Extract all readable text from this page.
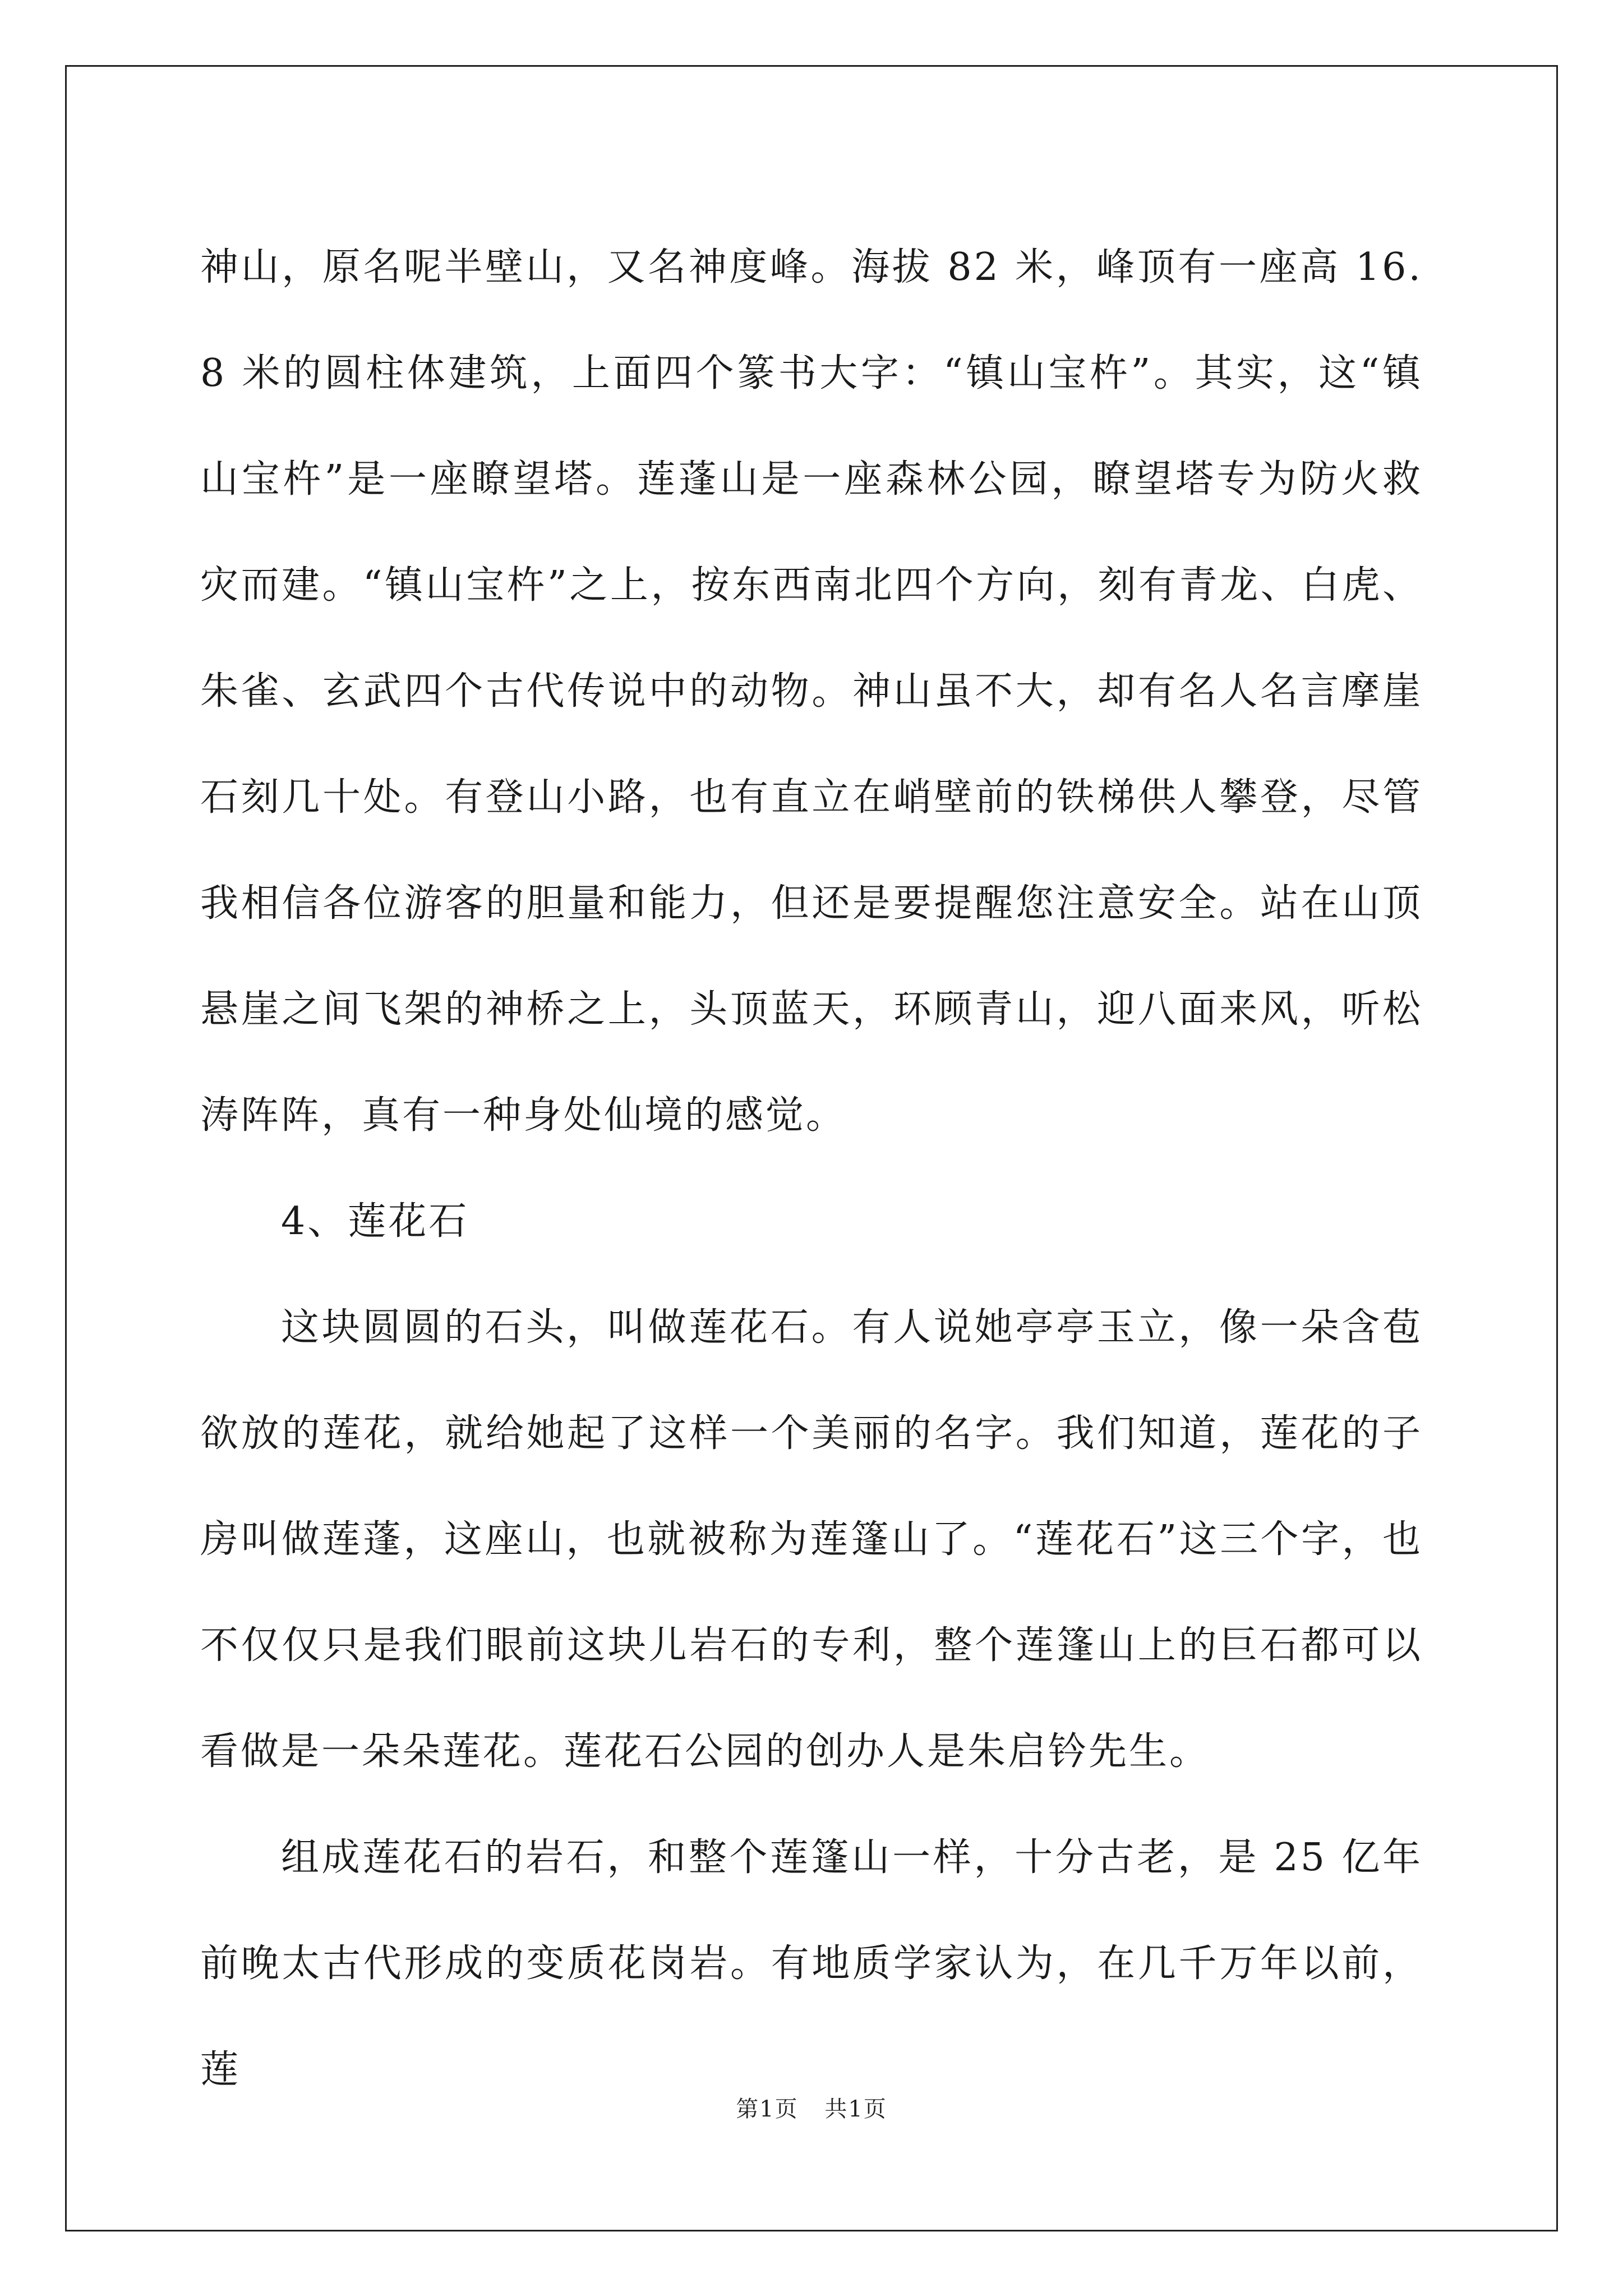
神山，原名呢半壁山，又名神度峰。海拔 82 米，峰顶有一座高 16.8 米的圆柱体建筑，上面四个篆书大字：“镇山宝杵”。其实，这“镇山宝杵”是一座瞭望塔。莲蓬山是一座森林公园，瞭望塔专为防火救灾而建。“镇山宝杵”之上，按东西南北四个方向，刻有青龙、白虎、朱雀、玄武四个古代传说中的动物。神山虽不大，却有名人名言摩崖石刻几十处。有登山小路，也有直立在峭壁前的铁梯供人攀登，尽管我相信各位游客的胆量和能力，但还是要提醒您注意安全。站在山顶悬崖之间飞架的神桥之上，头顶蓝天，环顾青山，迎八面来风，听松涛阵阵，真有一种身处仙境的感觉。

4、莲花石

这块圆圆的石头，叫做莲花石。有人说她亭亭玉立，像一朵含苞欲放的莲花，就给她起了这样一个美丽的名字。我们知道，莲花的子房叫做莲蓬，这座山，也就被称为莲篷山了。“莲花石”这三个字，也不仅仅只是我们眼前这块儿岩石的专利，整个莲篷山上的巨石都可以看做是一朵朵莲花。莲花石公园的创办人是朱启钤先生。

组成莲花石的岩石，和整个莲篷山一样，十分古老，是 25 亿年前晚太古代形成的变质花岗岩。有地质学家认为，在几千万年以前，莲

第1页 共1页
